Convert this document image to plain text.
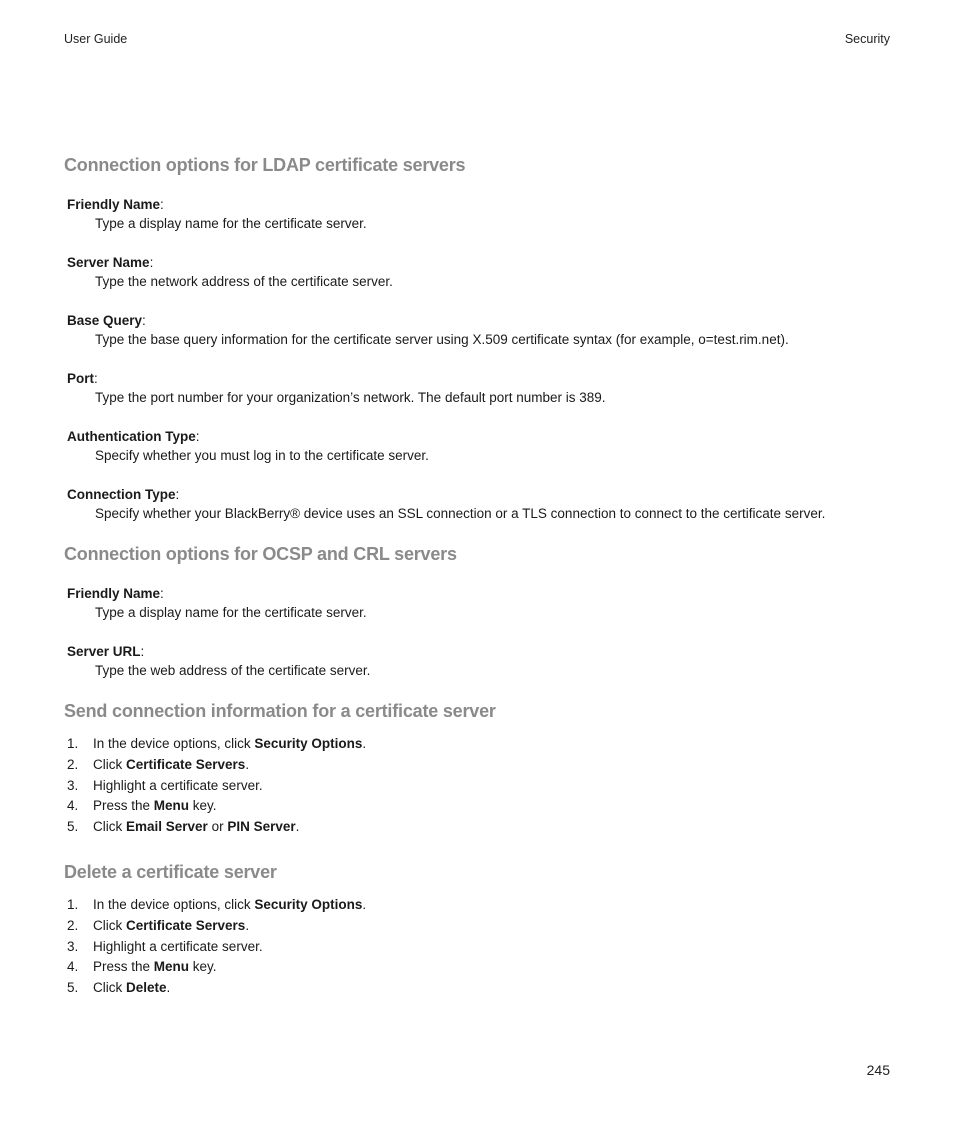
User Guide	Security
Connection options for LDAP certificate servers
Friendly Name:
Type a display name for the certificate server.
Server Name:
Type the network address of the certificate server.
Base Query:
Type the base query information for the certificate server using X.509 certificate syntax (for example, o=test.rim.net).
Port:
Type the port number for your organization’s network. The default port number is 389.
Authentication Type:
Specify whether you must log in to the certificate server.
Connection Type:
Specify whether your BlackBerry® device uses an SSL connection or a TLS connection to connect to the certificate server.
Connection options for OCSP and CRL servers
Friendly Name:
Type a display name for the certificate server.
Server URL:
Type the web address of the certificate server.
Send connection information for a certificate server
1.	In the device options, click Security Options.
2.	Click Certificate Servers.
3.	Highlight a certificate server.
4.	Press the Menu key.
5.	Click Email Server or PIN Server.
Delete a certificate server
1.	In the device options, click Security Options.
2.	Click Certificate Servers.
3.	Highlight a certificate server.
4.	Press the Menu key.
5.	Click Delete.
245
